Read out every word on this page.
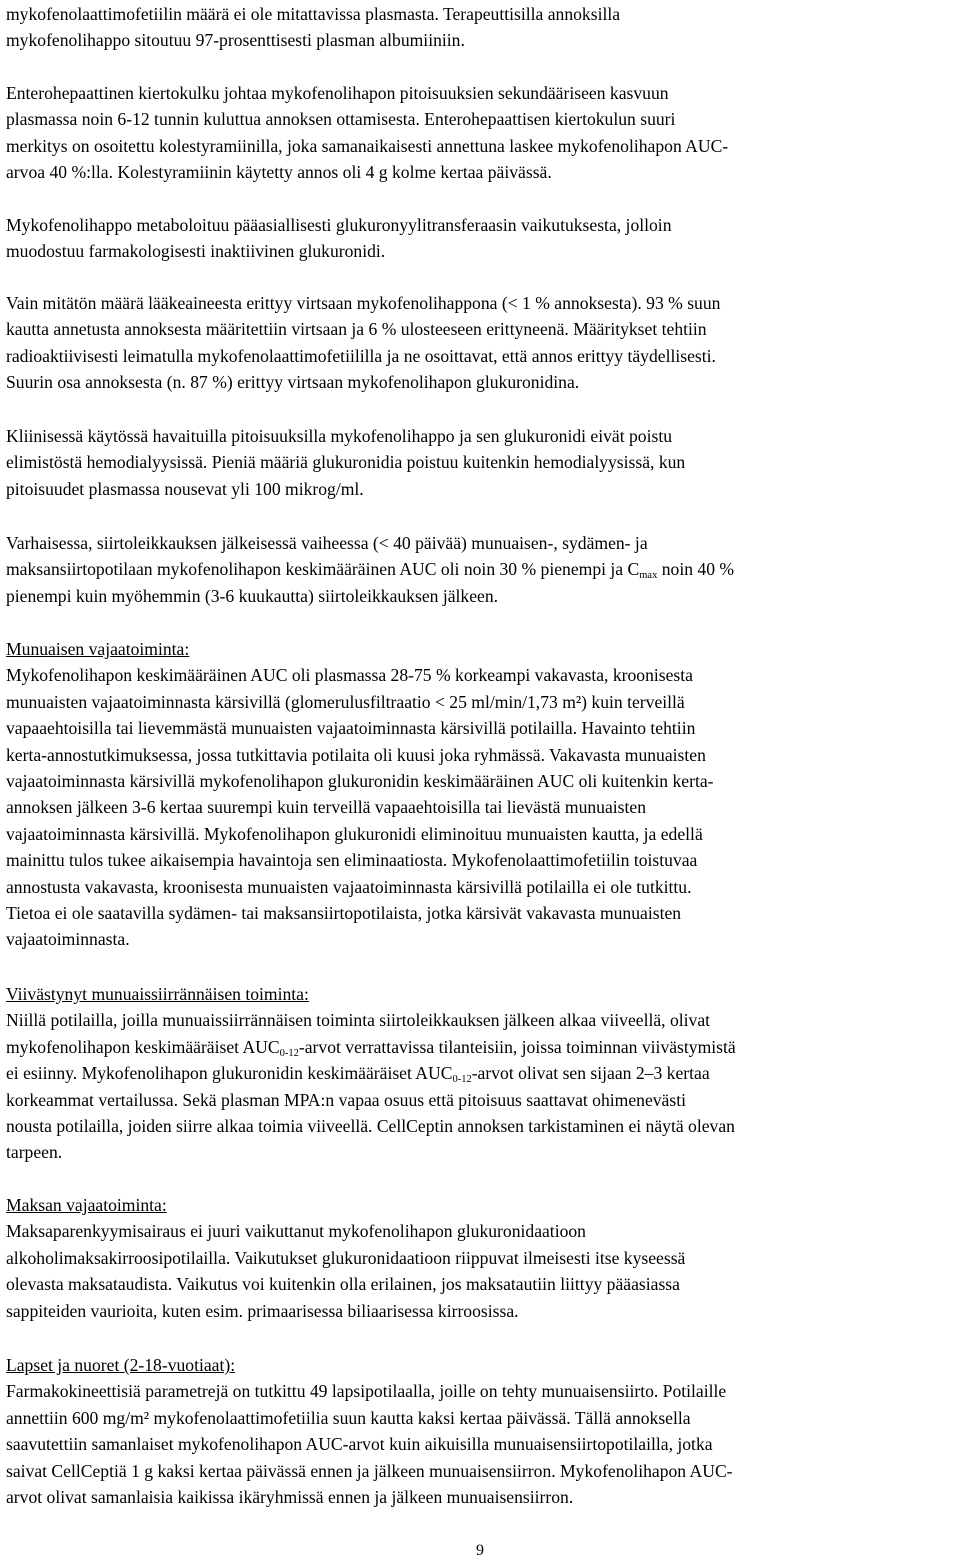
mykofenolaattimofetiilin määrä ei ole mitattavissa plasmasta. Terapeuttisilla annoksilla
mykofenolihappo sitoutuu 97-prosenttisesti plasman albumiiniin.

Enterohepaattinen kiertokulku johtaa mykofenolihapon pitoisuuksien sekundääriseen kasvuun
plasmassa noin 6-12 tunnin kuluttua annoksen ottamisesta. Enterohepaattisen kiertokulun suuri
merkitys on osoitettu kolestyramiinilla, joka samanaikaisesti annettuna laskee mykofenolihapon AUC-
arvoa 40 %:lla. Kolestyramiinin käytetty annos oli 4 g kolme kertaa päivässä.

Mykofenolihappo metaboloituu pääasiallisesti glukuronyylitransferaasin vaikutuksesta, jolloin
muodostuu farmakologisesti inaktiivinen glukuronidi.

Vain mitätön määrä lääkeaineesta erittyy virtsaan mykofenolihappona (< 1 % annoksesta). 93 % suun
kautta annetusta annoksesta määritettiin virtsaan ja 6 % ulosteeseen erittyneenä. Määritykset tehtiin
radioaktiivisesti leimatulla mykofenolaattimofetiililla ja ne osoittavat, että annos erittyy täydellisesti.
Suurin osa annoksesta (n. 87 %) erittyy virtsaan mykofenolihapon glukuronidina.

Kliinisessä käytössä havaituilla pitoisuuksilla mykofenolihappo ja sen glukuronidi eivät poistu
elimistöstä hemodialyysissä. Pieniä määriä glukuronidia poistuu kuitenkin hemodialyysissä, kun
pitoisuudet plasmassa nousevat yli 100 mikrog/ml.

Varhaisessa, siirtoleikkauksen jälkeisessä vaiheessa (< 40 päivää) munuaisen-, sydämen- ja
maksansiirtopotilaan mykofenolihapon keskimääräinen AUC oli noin 30 % pienempi ja $C_{max}$ noin 40 %
pienempi kuin myöhemmin (3-6 kuukautta) siirtoleikkauksen jälkeen.

Munuaisen vajaatoiminta:
Mykofenolihapon keskimääräinen AUC oli plasmassa 28-75 % korkeampi vakavasta, kroonisesta
munuaisten vajaatoiminnasta kärsivillä (glomerulusfiltraatio < 25 ml/min/1,73 m²) kuin terveillä
vapaaehtoisilla tai lievemmästä munuaisten vajaatoiminnasta kärsivillä potilailla. Havainto tehtiin
kerta-annostutkimuksessa, jossa tutkittavia potilaita oli kuusi joka ryhmässä. Vakavasta munuaisten
vajaatoiminnasta kärsivillä mykofenolihapon glukuronidin keskimääräinen AUC oli kuitenkin kerta-
annoksen jälkeen 3-6 kertaa suurempi kuin terveillä vapaaehtoisilla tai lievästä munuaisten
vajaatoiminnasta kärsivillä. Mykofenolihapon glukuronidi eliminoituu munuaisten kautta, ja edellä
mainittu tulos tukee aikaisempia havaintoja sen eliminaatiosta. Mykofenolaattimofetiilin toistuvaa
annostusta vakavasta, kroonisesta munuaisten vajaatoiminnasta kärsivillä potilailla ei ole tutkittu.
Tietoa ei ole saatavilla sydämen- tai maksansiirtopotilaista, jotka kärsivät vakavasta munuaisten
vajaatoiminnasta.
Viivästynyt munuaissiirrännäisen toiminta:
Niillä potilailla, joilla munuaissiirrännäisen toiminta siirtoleikkauksen jälkeen alkaa viiveellä, olivat
mykofenolihapon keskimääräiset $AUC_{0-12}$-arvot verrattavissa tilanteisiin, joissa toiminnan viivästymistä
ei esiinny. Mykofenolihapon glukuronidin keskimääräiset $AUC_{0-12}$-arvot olivat sen sijaan 2–3 kertaa
korkeammat vertailussa. Sekä plasman MPA:n vapaa osuus että pitoisuus saattavat ohimenevästi
nousta potilailla, joiden siirre alkaa toimia viiveellä. CellCeptin annoksen tarkistaminen ei näytä olevan
tarpeen.
Maksan vajaatoiminta:
Maksaparenkyymisairaus ei juuri vaikuttanut mykofenolihapon glukuronidaatioon
alkoholimaksakirroosipotilailla. Vaikutukset glukuronidaatioon riippuvat ilmeisesti itse kyseessä
olevasta maksataudista. Vaikutus voi kuitenkin olla erilainen, jos maksatautiin liittyy pääasiassa
sappiteiden vaurioita, kuten esim. primaarisessa biliaarisessa kirroosissa.
Lapset ja nuoret (2-18-vuotiaat):
Farmakokineettisiä parametrejä on tutkittu 49 lapsipotilaalla, joille on tehty munuaisensiirto. Potilaille
annettiin 600 mg/m² mykofenolaattimofetiilia suun kautta kaksi kertaa päivässä. Tällä annoksella
saavutettiin samanlaiset mykofenolihapon AUC-arvot kuin aikuisilla munuaisensiirtopotilailla, jotka
saivat CellCeptiä 1 g kaksi kertaa päivässä ennen ja jälkeen munuaisensiirron. Mykofenolihapon AUC-
arvot olivat samanlaisia kaikissa ikäryhmissä ennen ja jälkeen munuaisensiirron.
9
